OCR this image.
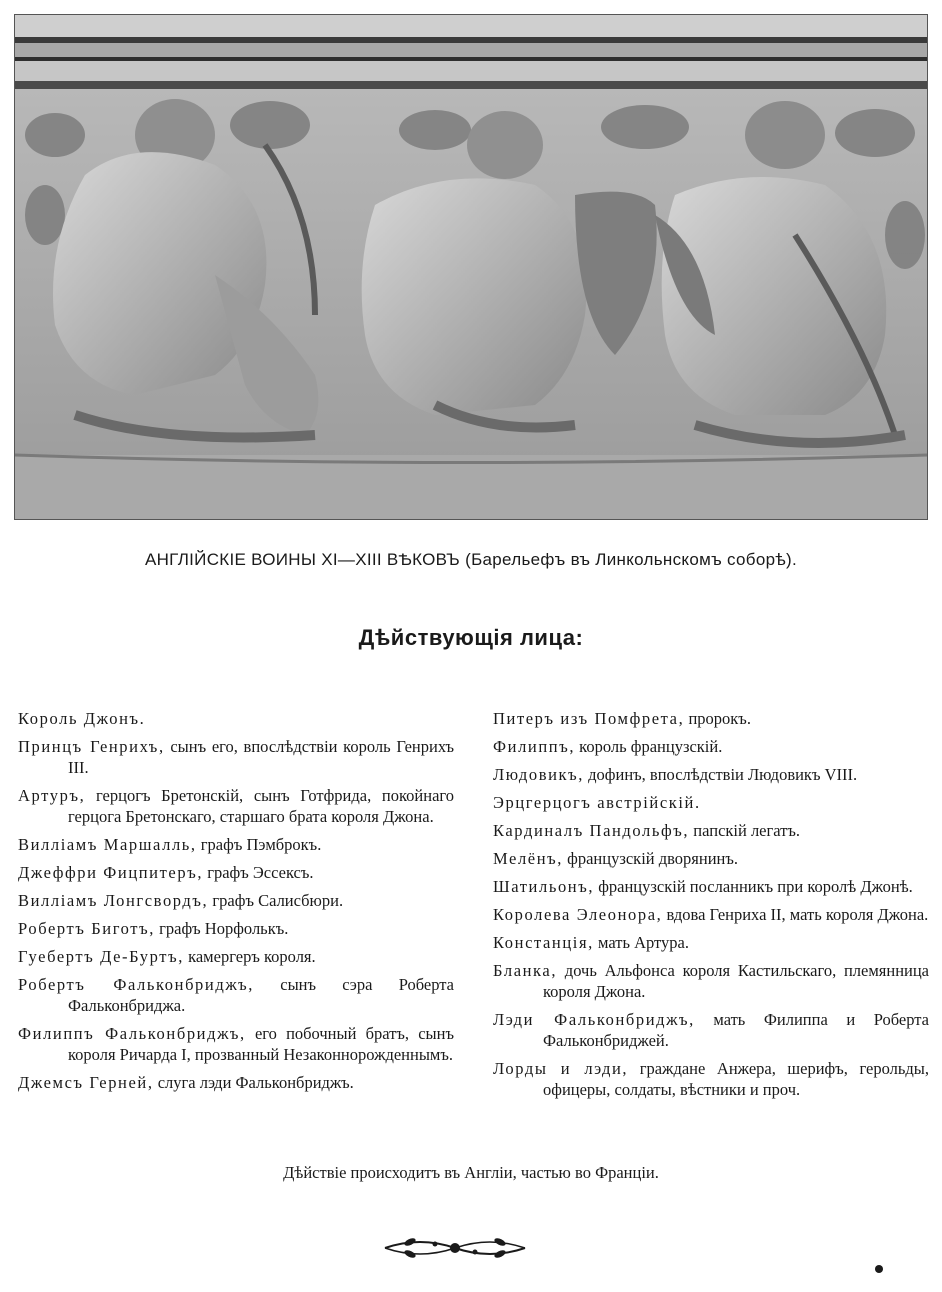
АНГЛІЙСКІЕ ВОИНЫ XI—XIII ВѢКОВЪ (Барельефъ въ Линкольнскомъ соборѣ).
Дѣйствующія лица:

Король Джонъ.

Принцъ Генрихъ, сынъ его, впослѣдствіи король Генрихъ III.

Артуръ, герцогъ Бретонскій, сынъ Готфрида, покойнаго герцога Бретонскаго, старшаго брата короля Джона.

Вилліамъ Маршалль, графъ Пэмброкъ.

Джеффри Фицпитеръ, графъ Эссексъ.

Вилліамъ Лонгсвордъ, графъ Салисбюри.

Робертъ Биготъ, графъ Норфолькъ.

Гуебертъ Де-Буртъ, камергеръ короля.

Робертъ Фальконбриджъ, сынъ сэра Роберта Фальконбриджа.

Филиппъ Фальконбриджъ, его побочный братъ, сынъ короля Ричарда I, прозванный Незаконнорожденнымъ.

Джемсъ Герней, слуга лэди Фальконбриджъ.

Питеръ изъ Помфрета, пророкъ.

Филиппъ, король французскій.

Людовикъ, дофинъ, впослѣдствіи Людовикъ VIII.

Эрцгерцогъ австрійскій.

Кардиналъ Пандольфъ, папскій легатъ.

Мелёнъ, французскій дворянинъ.

Шатильонъ, французскій посланникъ при королѣ Джонѣ.

Королева Элеонора, вдова Генриха II, мать короля Джона.

Констанція, мать Артура.

Бланка, дочь Альфонса короля Кастильскаго, племянница короля Джона.

Лэди Фальконбриджъ, мать Филиппа и Роберта Фальконбриджей.

Лорды и лэди, граждане Анжера, шерифъ, герольды, офицеры, солдаты, вѣстники и проч.

Дѣйствіе происходитъ въ Англіи, частью во Франціи.
